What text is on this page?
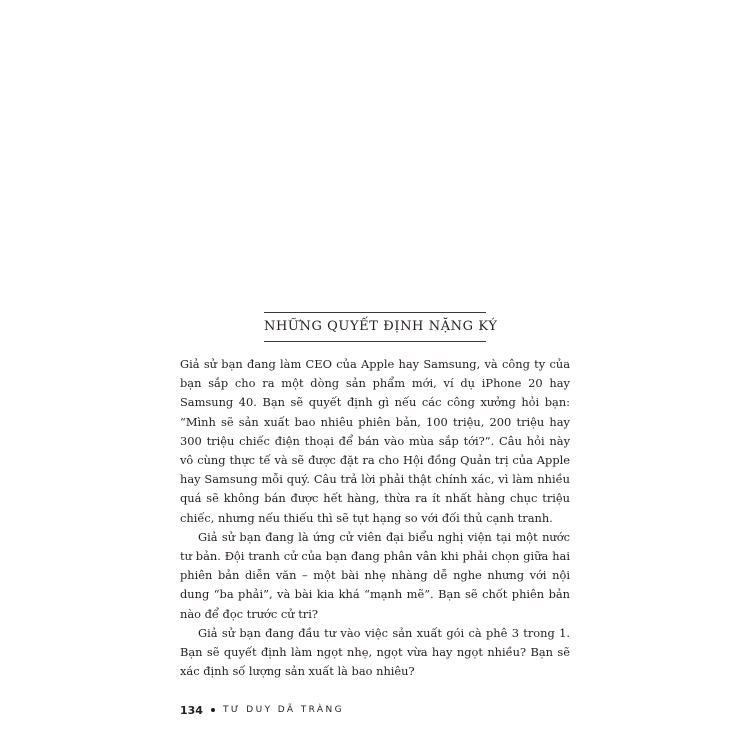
NHỮNG QUYẾT ĐỊNH NẶNG KÝ

Giả sử bạn đang làm CEO của Apple hay Samsung, và công ty của bạn sắp cho ra một dòng sản phẩm mới, ví dụ iPhone 20 hay Samsung 40. Bạn sẽ quyết định gì nếu các công xưởng hỏi bạn: “Mình sẽ sản xuất bao nhiêu phiên bản, 100 triệu, 200 triệu hay 300 triệu chiếc điện thoại để bán vào mùa sắp tới?”. Câu hỏi này vô cùng thực tế và sẽ được đặt ra cho Hội đồng Quản trị của Apple hay Samsung mỗi quý. Câu trả lời phải thật chính xác, vì làm nhiều quá sẽ không bán được hết hàng, thừa ra ít nhất hàng chục triệu chiếc, nhưng nếu thiếu thì sẽ tụt hạng so với đối thủ cạnh tranh.

Giả sử bạn đang là ứng cử viên đại biểu nghị viện tại một nước tư bản. Đội tranh cử của bạn đang phân vân khi phải chọn giữa hai phiên bản diễn văn – một bài nhẹ nhàng dễ nghe nhưng với nội dung “ba phải”, và bài kia khá “mạnh mẽ”. Bạn sẽ chốt phiên bản nào để đọc trước cử tri?

Giả sử bạn đang đầu tư vào việc sản xuất gói cà phê 3 trong 1. Bạn sẽ quyết định làm ngọt nhẹ, ngọt vừa hay ngọt nhiều? Bạn sẽ xác định số lượng sản xuất là bao nhiêu?

134 TƯ DUY DÃ TRÀNG
